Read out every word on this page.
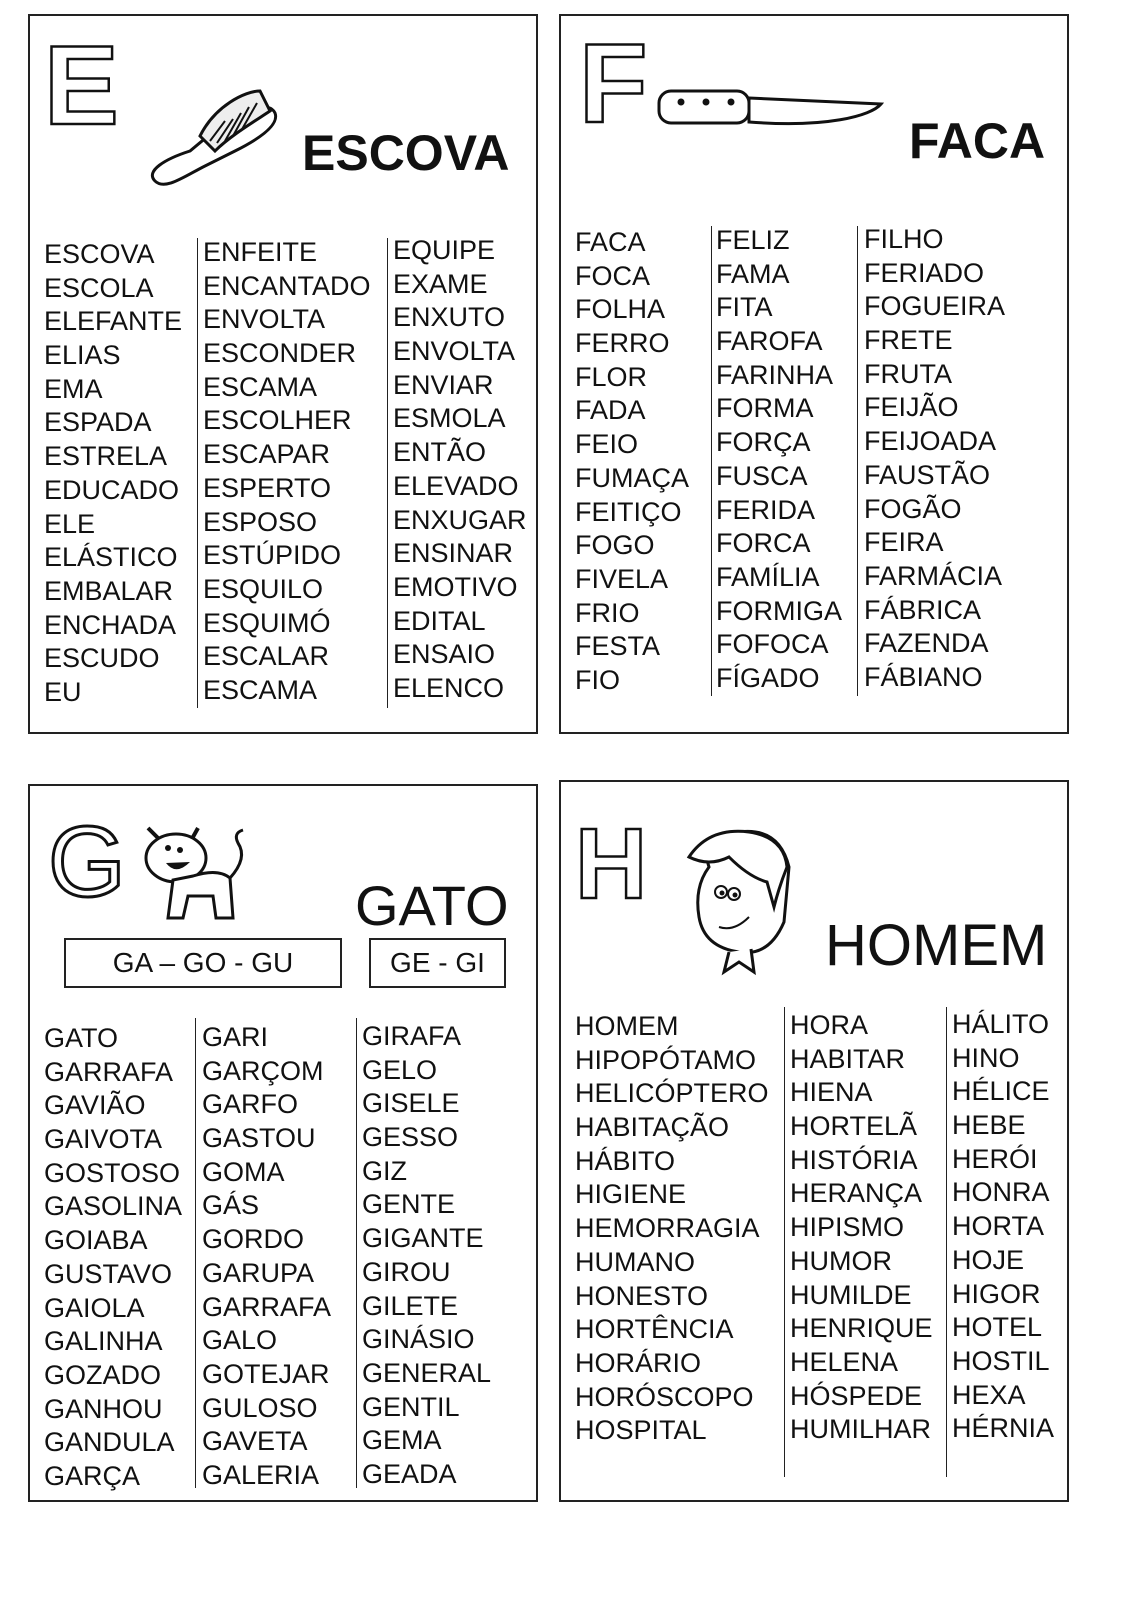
E
ESCOVA
ESCOVA
ESCOLA
ELEFANTE
ELIAS
EMA
ESPADA
ESTRELA
EDUCADO
ELE
ELÁSTICO
EMBALAR
ENCHADA
ESCUDO
EU
ENFEITE
ENCANTADO
ENVOLTA
ESCONDER
ESCAMA
ESCOLHER
ESCAPAR
ESPERTO
ESPOSO
ESTÚPIDO
ESQUILO
ESQUIMÓ
ESCALAR
ESCAMA
EQUIPE
EXAME
ENXUTO
ENVOLTA
ENVIAR
ESMOLA
ENTÃO
ELEVADO
ENXUGAR
ENSINAR
EMOTIVO
EDITAL
ENSAIO
ELENCO
F	FACA
FACA
FOCA
FOLHA
FERRO
FLOR
FADA
FEIO
FUMAÇA
FEITIÇO
FOGO
FIVELA
FRIO
FESTA
FIO
FELIZ
FAMA
FITA
FAROFA
FARINHA
FORMA
FORÇA
FUSCA
FERIDA
FORCA
FAMÍLIA
FORMIGA
FOFOCA
FÍGADO
FILHO
FERIADO
FOGUEIRA
FRETE
FRUTA
FEIJÃO
FEIJOADA
FAUSTÃO
FOGÃO
FEIRA
FARMÁCIA
FÁBRICA
FAZENDA
FÁBIANO
G	GATO
GA – GO - GU	GE - GI
GATO
GARRAFA
GAVIÃO
GAIVOTA
GOSTOSO
GASOLINA
GOIABA
GUSTAVO
GAIOLA
GALINHA
GOZADO
GANHOU
GANDULA
GARÇA
GARI
GARÇOM
GARFO
GASTOU
GOMA
GÁS
GORDO
GARUPA
GARRAFA
GALO
GOTEJAR
GULOSO
GAVETA
GALERIA
GIRAFA
GELO
GISELE
GESSO
GIZ
GENTE
GIGANTE
GIROU
GILETE
GINÁSIO
GENERAL
GENTIL
GEMA
GEADA
H
HOMEM
HOMEM
HIPOPÓTAMO
HELICÓPTERO
HABITAÇÃO
HÁBITO
HIGIENE
HEMORRAGIA
HUMANO
HONESTO
HORTÊNCIA
HORÁRIO
HORÓSCOPO
HOSPITAL
HORA
HABITAR
HIENA
HORTELÃ
HISTÓRIA
HERANÇA
HIPISMO
HUMOR
HUMILDE
HENRIQUE
HELENA
HÓSPEDE
HUMILHAR
HÁLITO
HINO
HÉLICE
HEBE
HERÓI
HONRA
HORTA
HOJE
HIGOR
HOTEL
HOSTIL
HEXA
HÉRNIA
